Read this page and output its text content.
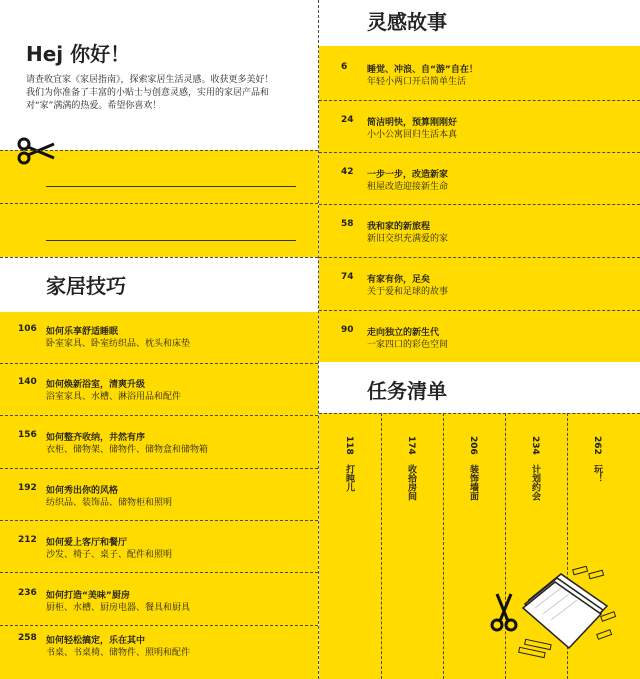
Hej 你好！
请查收宜家《家居指南》，探索家居生活灵感。收获更多美好！
我们为你准备了丰富的小贴士与创意灵感，实用的家居产品和
对“家”满满的热爱。希望你喜欢！
家居技巧
106 如何乐享舒适睡眠
卧室家具、卧室纺织品、枕头和床垫
140 如何焕新浴室，清爽升级
浴室家具、水槽、淋浴用品和配件
156 如何整齐收纳，井然有序
衣柜、储物架、储物件、储物盒和储物箱
192 如何秀出你的风格
纺织品、装饰品、储物柜和照明
212 如何爱上客厅和餐厅
沙发、椅子、桌子、配件和照明
236 如何打造“美味”厨房
厨柜、水槽、厨房电器、餐具和厨具
258 如何轻松搞定，乐在其中
书桌、书桌椅、储物件、照明和配件
灵感故事
6 睡觉、冲浪、自“游”自在！
年轻小两口开启简单生活
24 简洁明快，预算刚刚好
小小公寓回归生活本真
42 一步一步，改造新家
租屋改造迎接新生命
58 我和家的新旅程
新旧交织充满爱的家
74 有家有你，足矣
关于爱和足球的故事
90 走向独立的新生代
一家四口的彩色空间
任务清单
118打盹儿
174收拾房间
206装饰墙面
234计划约会
262玩！
